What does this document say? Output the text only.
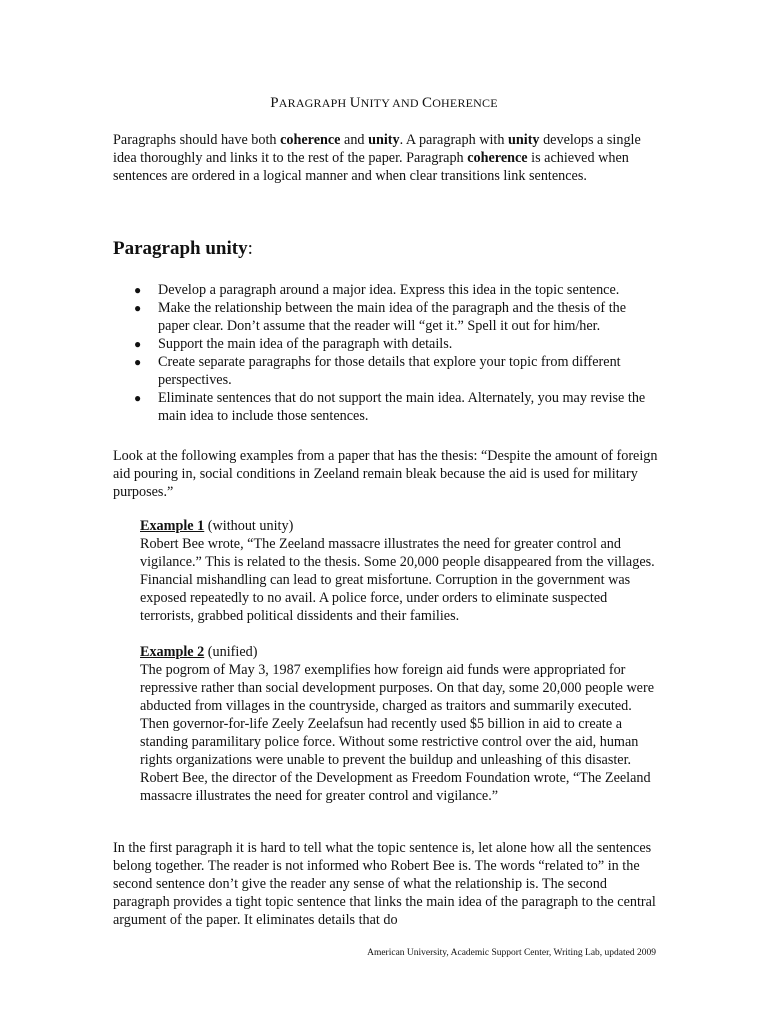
PARAGRAPH UNITY AND COHERENCE
Paragraphs should have both coherence and unity. A paragraph with unity develops a single idea thoroughly and links it to the rest of the paper. Paragraph coherence is achieved when sentences are ordered in a logical manner and when clear transitions link sentences.
Paragraph unity:
● Develop a paragraph around a major idea. Express this idea in the topic sentence.
● Make the relationship between the main idea of the paragraph and the thesis of the paper clear. Don’t assume that the reader will “get it.” Spell it out for him/her.
● Support the main idea of the paragraph with details.
● Create separate paragraphs for those details that explore your topic from different perspectives.
● Eliminate sentences that do not support the main idea. Alternately, you may revise the main idea to include those sentences.
Look at the following examples from a paper that has the thesis: “Despite the amount of foreign aid pouring in, social conditions in Zeeland remain bleak because the aid is used for military purposes.”
Example 1 (without unity)
Robert Bee wrote, “The Zeeland massacre illustrates the need for greater control and vigilance.” This is related to the thesis. Some 20,000 people disappeared from the villages. Financial mishandling can lead to great misfortune. Corruption in the government was exposed repeatedly to no avail. A police force, under orders to eliminate suspected terrorists, grabbed political dissidents and their families.
Example 2 (unified)
The pogrom of May 3, 1987 exemplifies how foreign aid funds were appropriated for repressive rather than social development purposes. On that day, some 20,000 people were abducted from villages in the countryside, charged as traitors and summarily executed. Then governor-for-life Zeely Zeelafsun had recently used $5 billion in aid to create a standing paramilitary police force. Without some restrictive control over the aid, human rights organizations were unable to prevent the buildup and unleashing of this disaster. Robert Bee, the director of the Development as Freedom Foundation wrote, “The Zeeland massacre illustrates the need for greater control and vigilance.”
In the first paragraph it is hard to tell what the topic sentence is, let alone how all the sentences belong together. The reader is not informed who Robert Bee is. The words “related to” in the second sentence don’t give the reader any sense of what the relationship is. The second paragraph provides a tight topic sentence that links the main idea of the paragraph to the central argument of the paper. It eliminates details that do
American University, Academic Support Center, Writing Lab, updated 2009
